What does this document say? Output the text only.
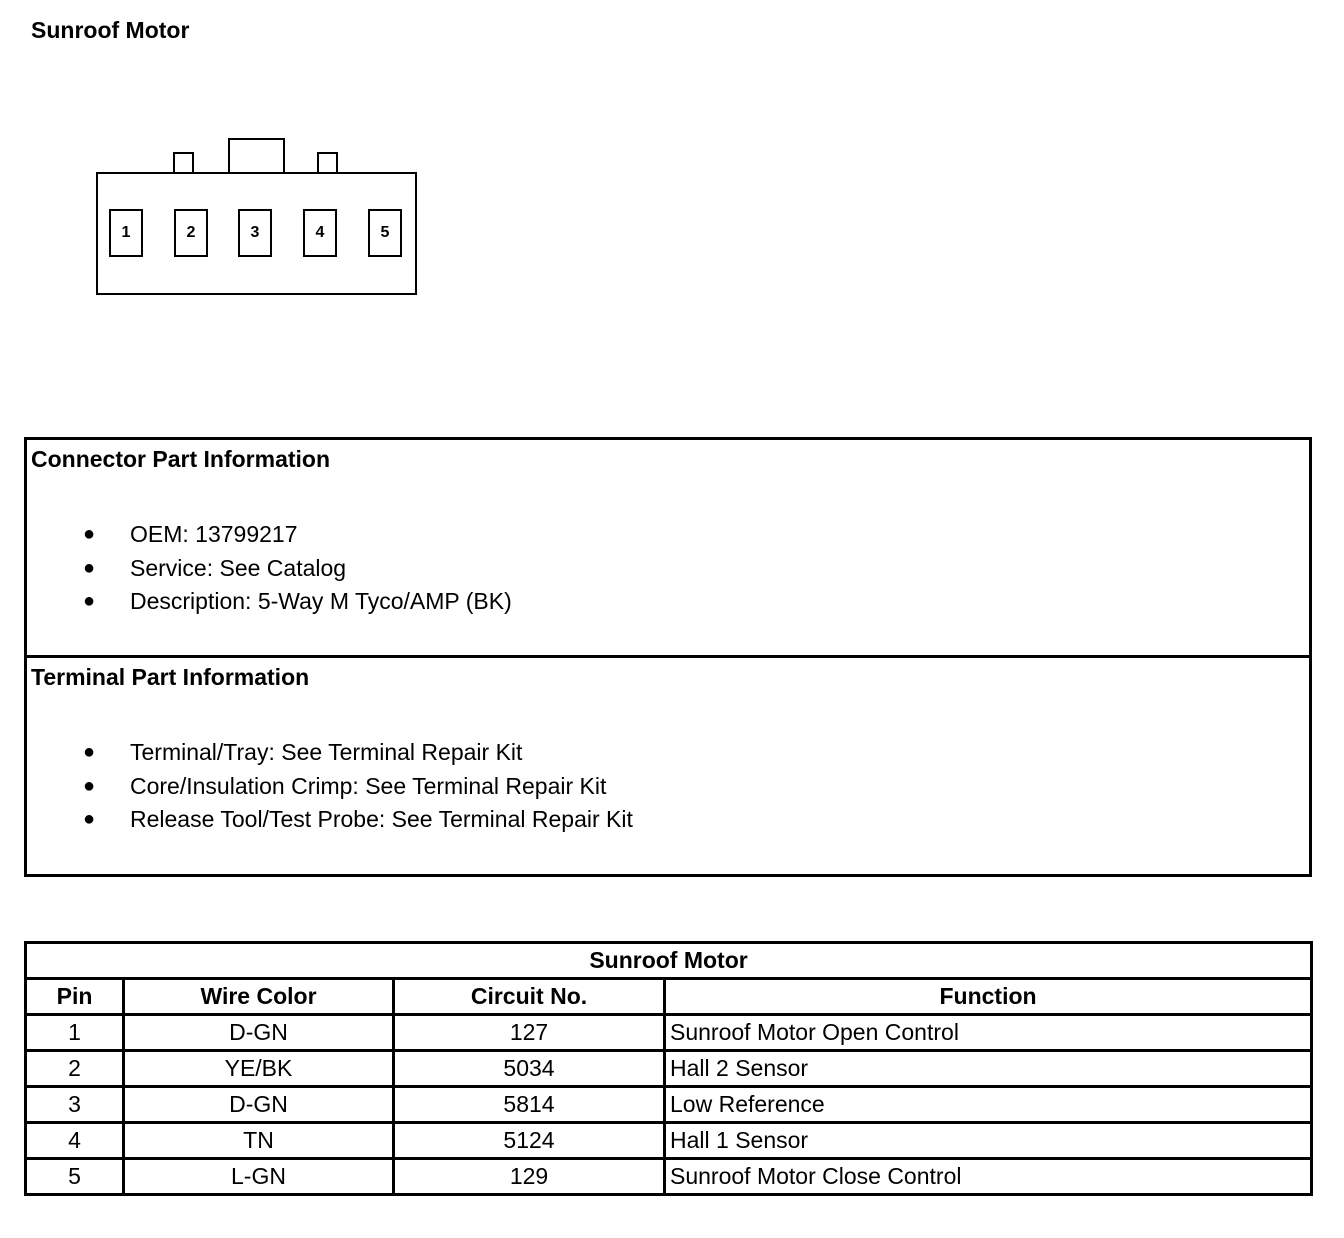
Sunroof Motor
1	2	3	4	5
Connector Part Information
● OEM: 13799217
● Service: See Catalog
● Description: 5-Way M Tyco/AMP (BK)
Terminal Part Information
● Terminal/Tray: See Terminal Repair Kit
● Core/Insulation Crimp: See Terminal Repair Kit
● Release Tool/Test Probe: See Terminal Repair Kit
Sunroof Motor			
Pin	Wire Color	Circuit No.	Function
1	D-GN	127	Sunroof Motor Open Control
2	YE/BK	5034	Hall 2 Sensor
3	D-GN	5814	Low Reference
4	TN	5124	Hall 1 Sensor
5	L-GN	129	Sunroof Motor Close Control
